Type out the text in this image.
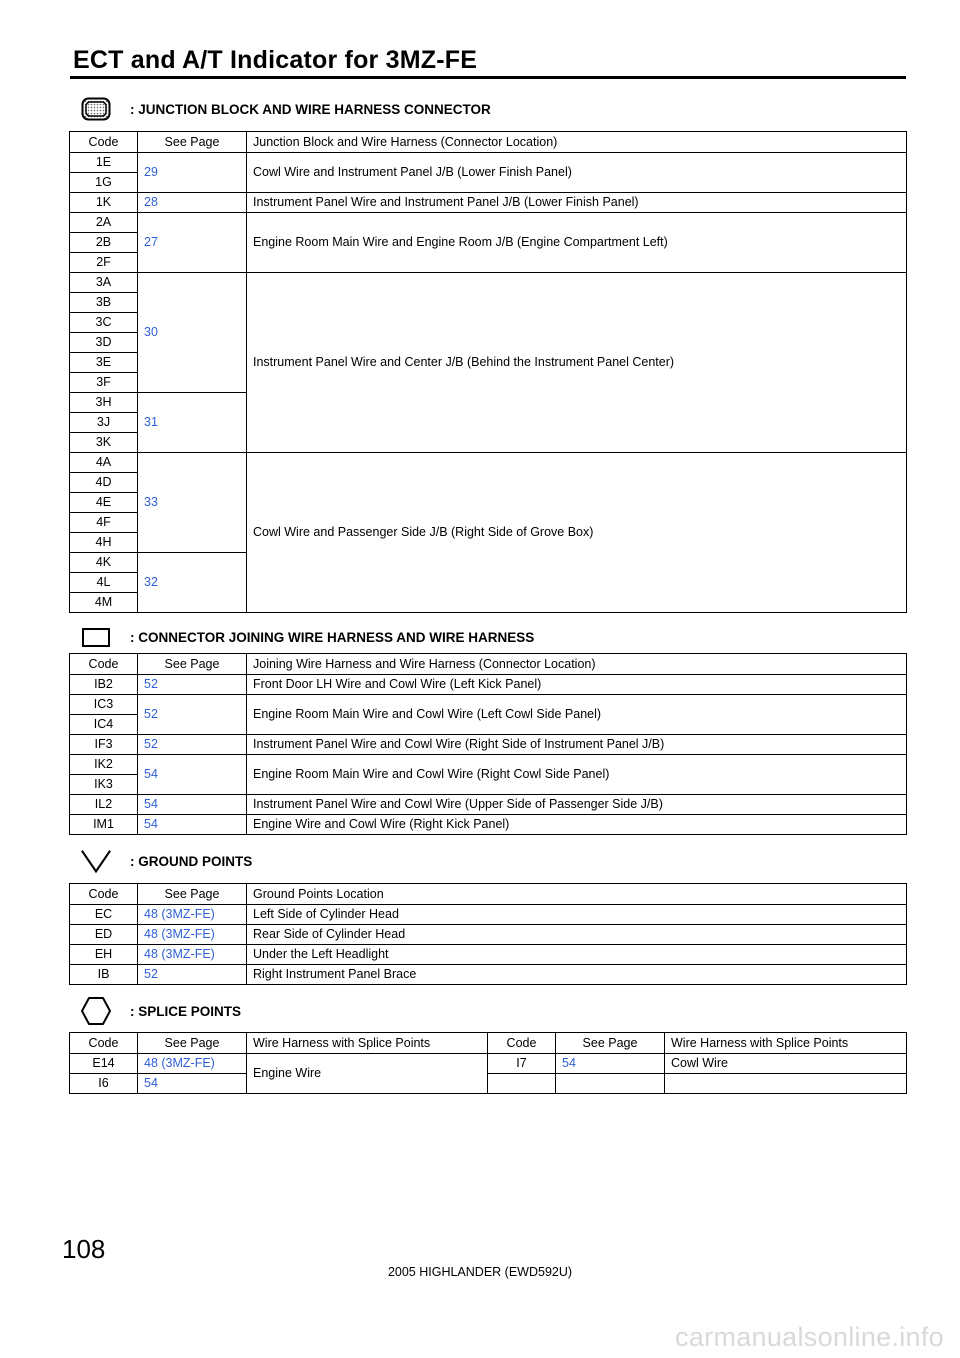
ECT and A/T Indicator for 3MZ-FE
: JUNCTION BLOCK AND WIRE HARNESS CONNECTOR
Code	See Page	Junction Block and Wire Harness (Connector Location)
1E	29	Cowl Wire and Instrument Panel J/B (Lower Finish Panel)
1G		
1K	28	Instrument Panel Wire and Instrument Panel J/B (Lower Finish Panel)
2A	27	Engine Room Main Wire and Engine Room J/B (Engine Compartment Left)
2B		
2F		
3A	30	Instrument Panel Wire and Center J/B (Behind the Instrument Panel Center)
3B		
3C		
3D		
3E		
3F		
3H	31	
3J		
3K		
4A	33	Cowl Wire and Passenger Side J/B (Right Side of Grove Box)
4D		
4E		
4F		
4H		
4K	32	
4L		
4M		
: CONNECTOR JOINING WIRE HARNESS AND WIRE HARNESS
Code	See Page	Joining Wire Harness and Wire Harness (Connector Location)
IB2	52	Front Door LH Wire and Cowl Wire (Left Kick Panel)
IC3	52	Engine Room Main Wire and Cowl Wire (Left Cowl Side Panel)
IC4		
IF3	52	Instrument Panel Wire and Cowl Wire (Right Side of Instrument Panel J/B)
IK2	54	Engine Room Main Wire and Cowl Wire (Right Cowl Side Panel)
IK3		
IL2	54	Instrument Panel Wire and Cowl Wire (Upper Side of Passenger Side J/B)
IM1	54	Engine Wire and Cowl Wire (Right Kick Panel)
: GROUND POINTS
Code	See Page	Ground Points Location
EC	48 (3MZ-FE)	Left Side of Cylinder Head
ED	48 (3MZ-FE)	Rear Side of Cylinder Head
EH	48 (3MZ-FE)	Under the Left Headlight
IB	52	Right Instrument Panel Brace
: SPLICE POINTS
Code	See Page	Wire Harness with Splice Points	Code	See Page	Wire Harness with Splice Points
E14	48 (3MZ-FE)	Engine Wire	I7	54	Cowl Wire
I6	54				
108
2005 HIGHLANDER (EWD592U)
carmanualsonline.info
